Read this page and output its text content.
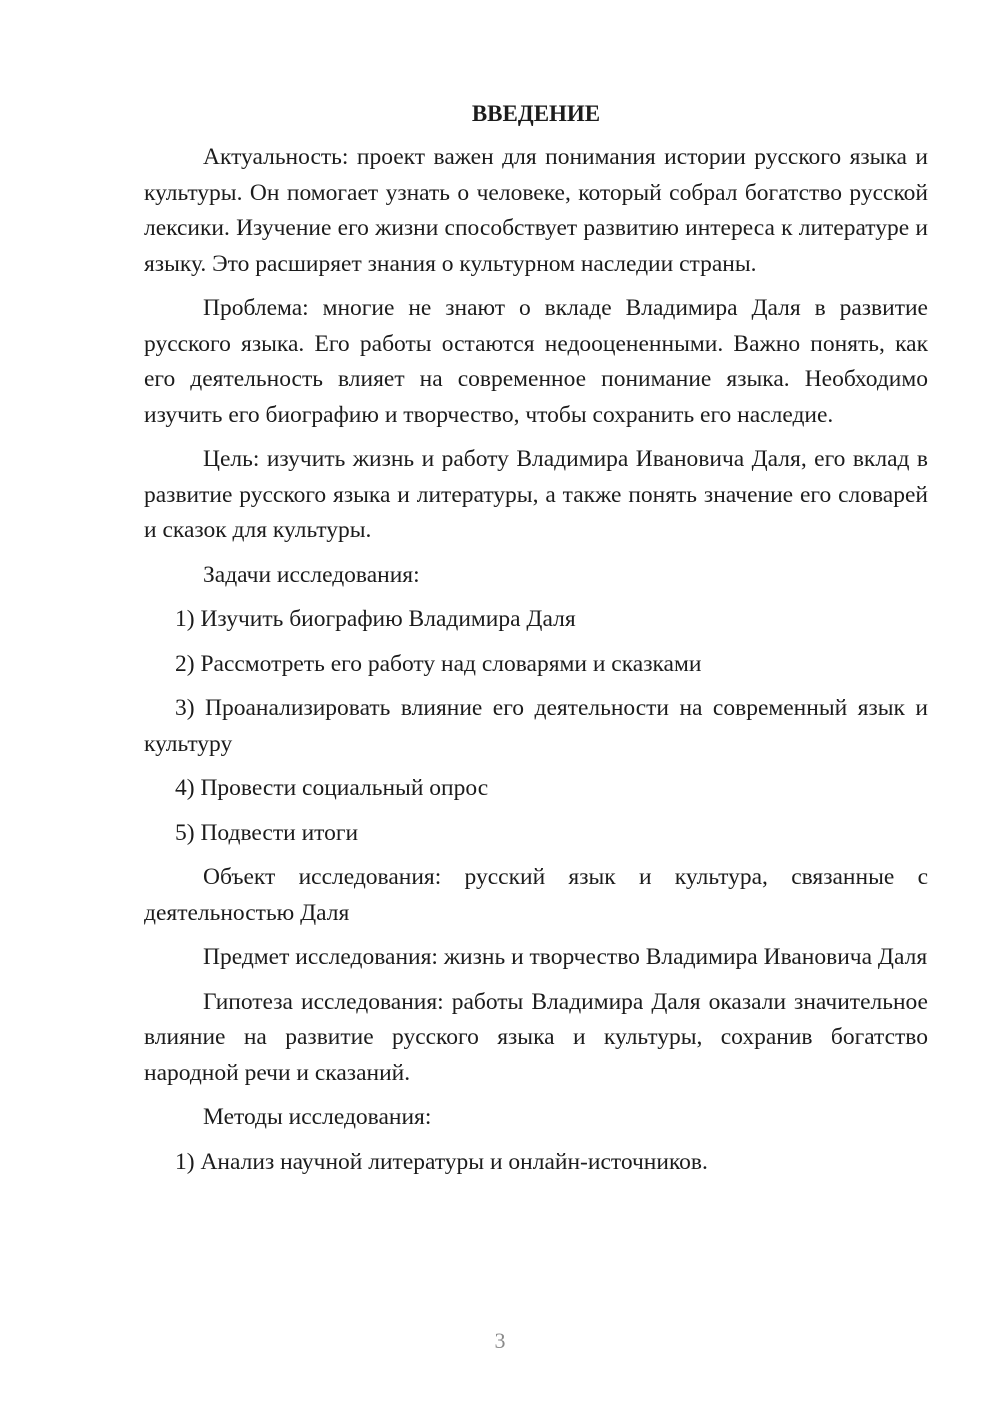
ВВЕДЕНИЕ

Актуальность: проект важен для понимания истории русского языка и культуры. Он помогает узнать о человеке, который собрал богатство русской лексики. Изучение его жизни способствует развитию интереса к литературе и языку. Это расширяет знания о культурном наследии страны.

Проблема: многие не знают о вкладе Владимира Даля в развитие русского языка. Его работы остаются недооцененными. Важно понять, как его деятельность влияет на современное понимание языка. Необходимо изучить его биографию и творчество, чтобы сохранить его наследие.

Цель: изучить жизнь и работу Владимира Ивановича Даля, его вклад в развитие русского языка и литературы, а также понять значение его словарей и сказок для культуры.

Задачи исследования:

1) Изучить биографию Владимира Даля

2) Рассмотреть его работу над словарями и сказками

3) Проанализировать влияние его деятельности на современный язык и культуру

4) Провести социальный опрос

5) Подвести итоги

Объект исследования: русский язык и культура, связанные с деятельностью Даля

Предмет исследования: жизнь и творчество Владимира Ивановича Даля

Гипотеза исследования: работы Владимира Даля оказали значительное влияние на развитие русского языка и культуры, сохранив богатство народной речи и сказаний.

Методы исследования:

1) Анализ научной литературы и онлайн-источников.

3
